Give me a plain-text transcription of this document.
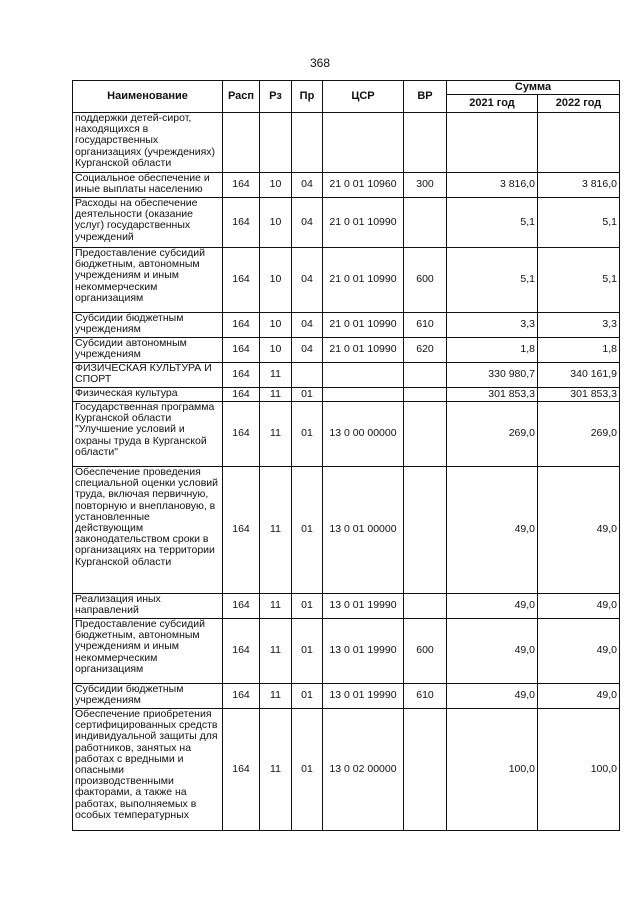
368
Наименование	Расп	Рз	Пр	ЦСР	ВР	Сумма	
						2021 год	2022 год
поддержки детей-сирот, находящихся в государственных организациях (учреждениях) Курганской области							
Социальное обеспечение и иные выплаты населению	164	10	04	21 0 01 10960	300	3 816,0	3 816,0
Расходы на обеспечение деятельности (оказание услуг) государственных учреждений	164	10	04	21 0 01 10990		5,1	5,1
Предоставление субсидий бюджетным, автономным учреждениям и иным некоммерческим организациям	164	10	04	21 0 01 10990	600	5,1	5,1
Субсидии бюджетным учреждениям	164	10	04	21 0 01 10990	610	3,3	3,3
Субсидии автономным учреждениям	164	10	04	21 0 01 10990	620	1,8	1,8
ФИЗИЧЕСКАЯ КУЛЬТУРА И СПОРТ	164	11				330 980,7	340 161,9
Физическая культура	164	11	01			301 853,3	301 853,3
Государственная программа Курганской области "Улучшение условий и охраны труда в Курганской области"	164	11	01	13 0 00 00000		269,0	269,0
Обеспечение проведения специальной оценки условий труда, включая первичную, повторную и внеплановую, в установленные действующим законодательством сроки в организациях на территории Курганской области	164	11	01	13 0 01 00000		49,0	49,0
Реализация иных направлений	164	11	01	13 0 01 19990		49,0	49,0
Предоставление субсидий бюджетным, автономным учреждениям и иным некоммерческим организациям	164	11	01	13 0 01 19990	600	49,0	49,0
Субсидии бюджетным учреждениям	164	11	01	13 0 01 19990	610	49,0	49,0
Обеспечение приобретения сертифицированных средств индивидуальной защиты для работников, занятых на работах с вредными и опасными производственными факторами, а также на работах, выполняемых в особых температурных	164	11	01	13 0 02 00000		100,0	100,0
